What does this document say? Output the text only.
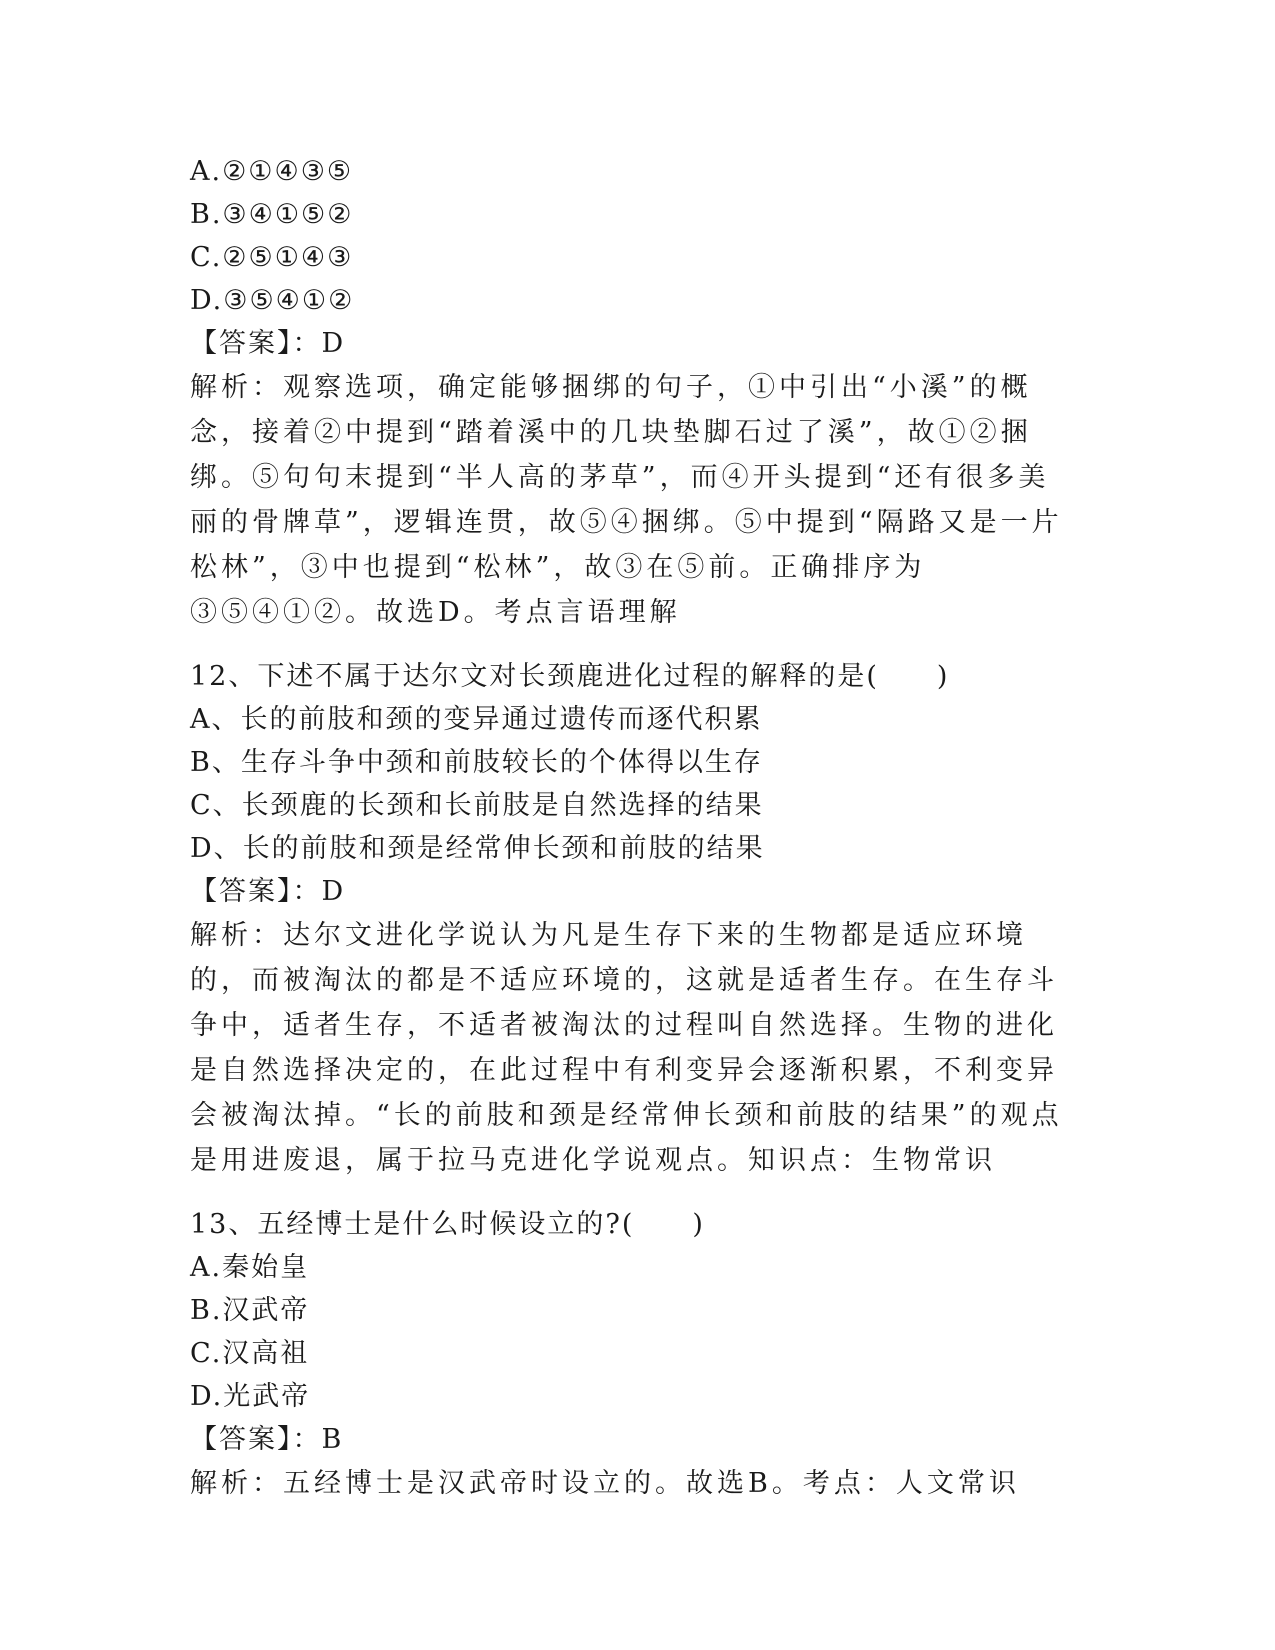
A.②①④③⑤
B.③④①⑤②
C.②⑤①④③
D.③⑤④①②
【答案】：D
解析：观察选项，确定能够捆绑的句子，①中引出“小溪”的概念，接着②中提到“踏着溪中的几块垫脚石过了溪”，故①②捆绑。⑤句句末提到“半人高的茅草”，而④开头提到“还有很多美丽的骨牌草”，逻辑连贯，故⑤④捆绑。⑤中提到“隔路又是一片松林”，③中也提到“松林”，故③在⑤前。正确排序为③⑤④①②。故选D。考点言语理解
12、下述不属于达尔文对长颈鹿进化过程的解释的是(　　)
A、长的前肢和颈的变异通过遗传而逐代积累
B、生存斗争中颈和前肢较长的个体得以生存
C、长颈鹿的长颈和长前肢是自然选择的结果
D、长的前肢和颈是经常伸长颈和前肢的结果
【答案】：D
解析：达尔文进化学说认为凡是生存下来的生物都是适应环境的，而被淘汰的都是不适应环境的，这就是适者生存。在生存斗争中，适者生存，不适者被淘汰的过程叫自然选择。生物的进化是自然选择决定的，在此过程中有利变异会逐渐积累，不利变异会被淘汰掉。“长的前肢和颈是经常伸长颈和前肢的结果”的观点是用进废退，属于拉马克进化学说观点。知识点：生物常识
13、五经博士是什么时候设立的?(　　)
A.秦始皇
B.汉武帝
C.汉高祖
D.光武帝
【答案】：B
解析：五经博士是汉武帝时设立的。故选B。考点：人文常识
